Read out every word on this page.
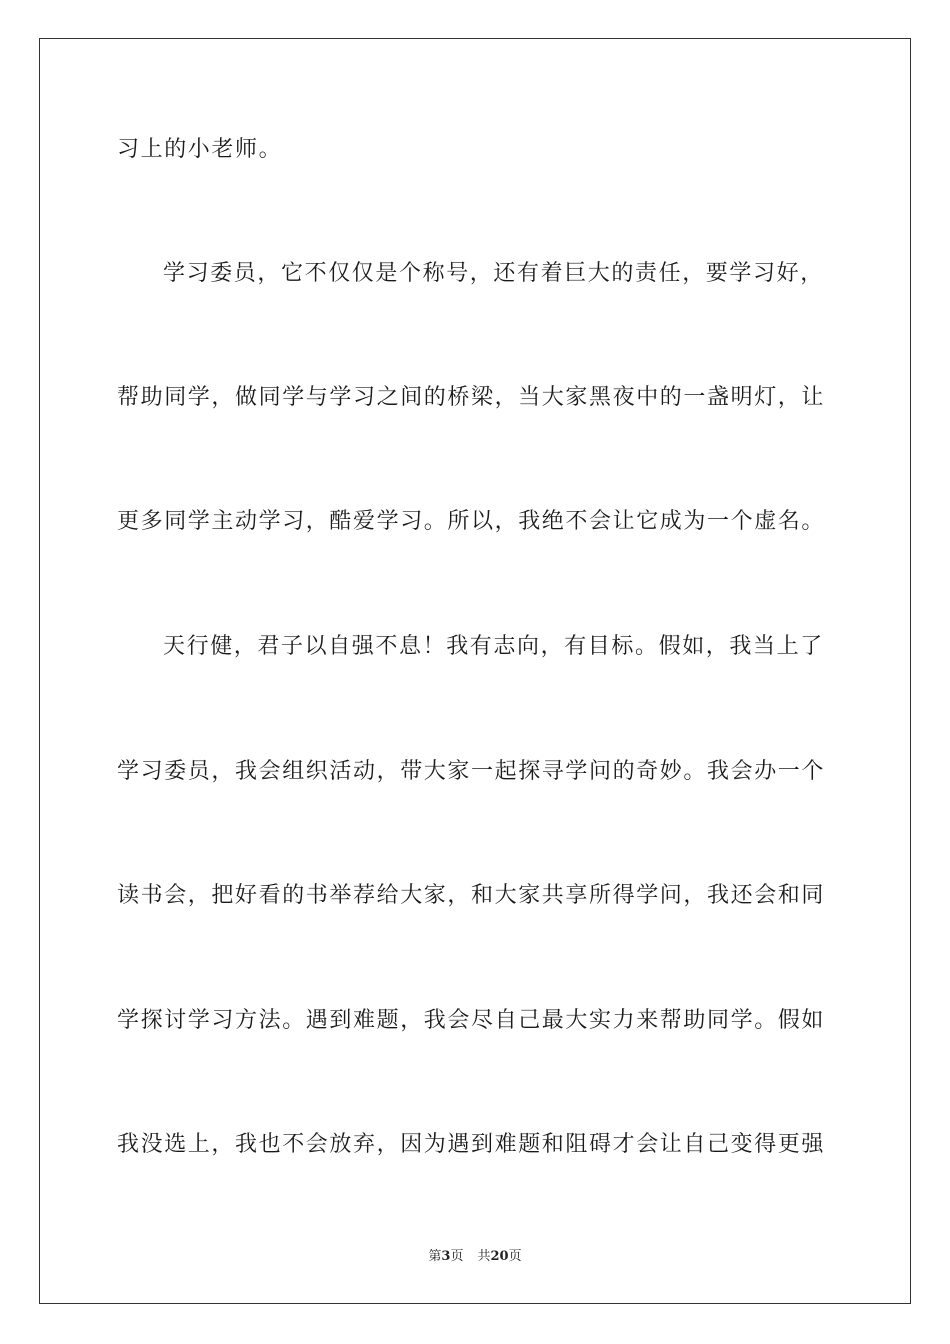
习上的小老师。
学习委员，它不仅仅是个称号，还有着巨大的责任，要学习好，
帮助同学，做同学与学习之间的桥梁，当大家黑夜中的一盏明灯，让
更多同学主动学习，酷爱学习。所以，我绝不会让它成为一个虚名。
天行健，君子以自强不息！我有志向，有目标。假如，我当上了
学习委员，我会组织活动，带大家一起探寻学问的奇妙。我会办一个
读书会，把好看的书举荐给大家，和大家共享所得学问，我还会和同
学探讨学习方法。遇到难题，我会尽自己最大实力来帮助同学。假如
我没选上，我也不会放弃，因为遇到难题和阻碍才会让自己变得更强
第3页 共20页
